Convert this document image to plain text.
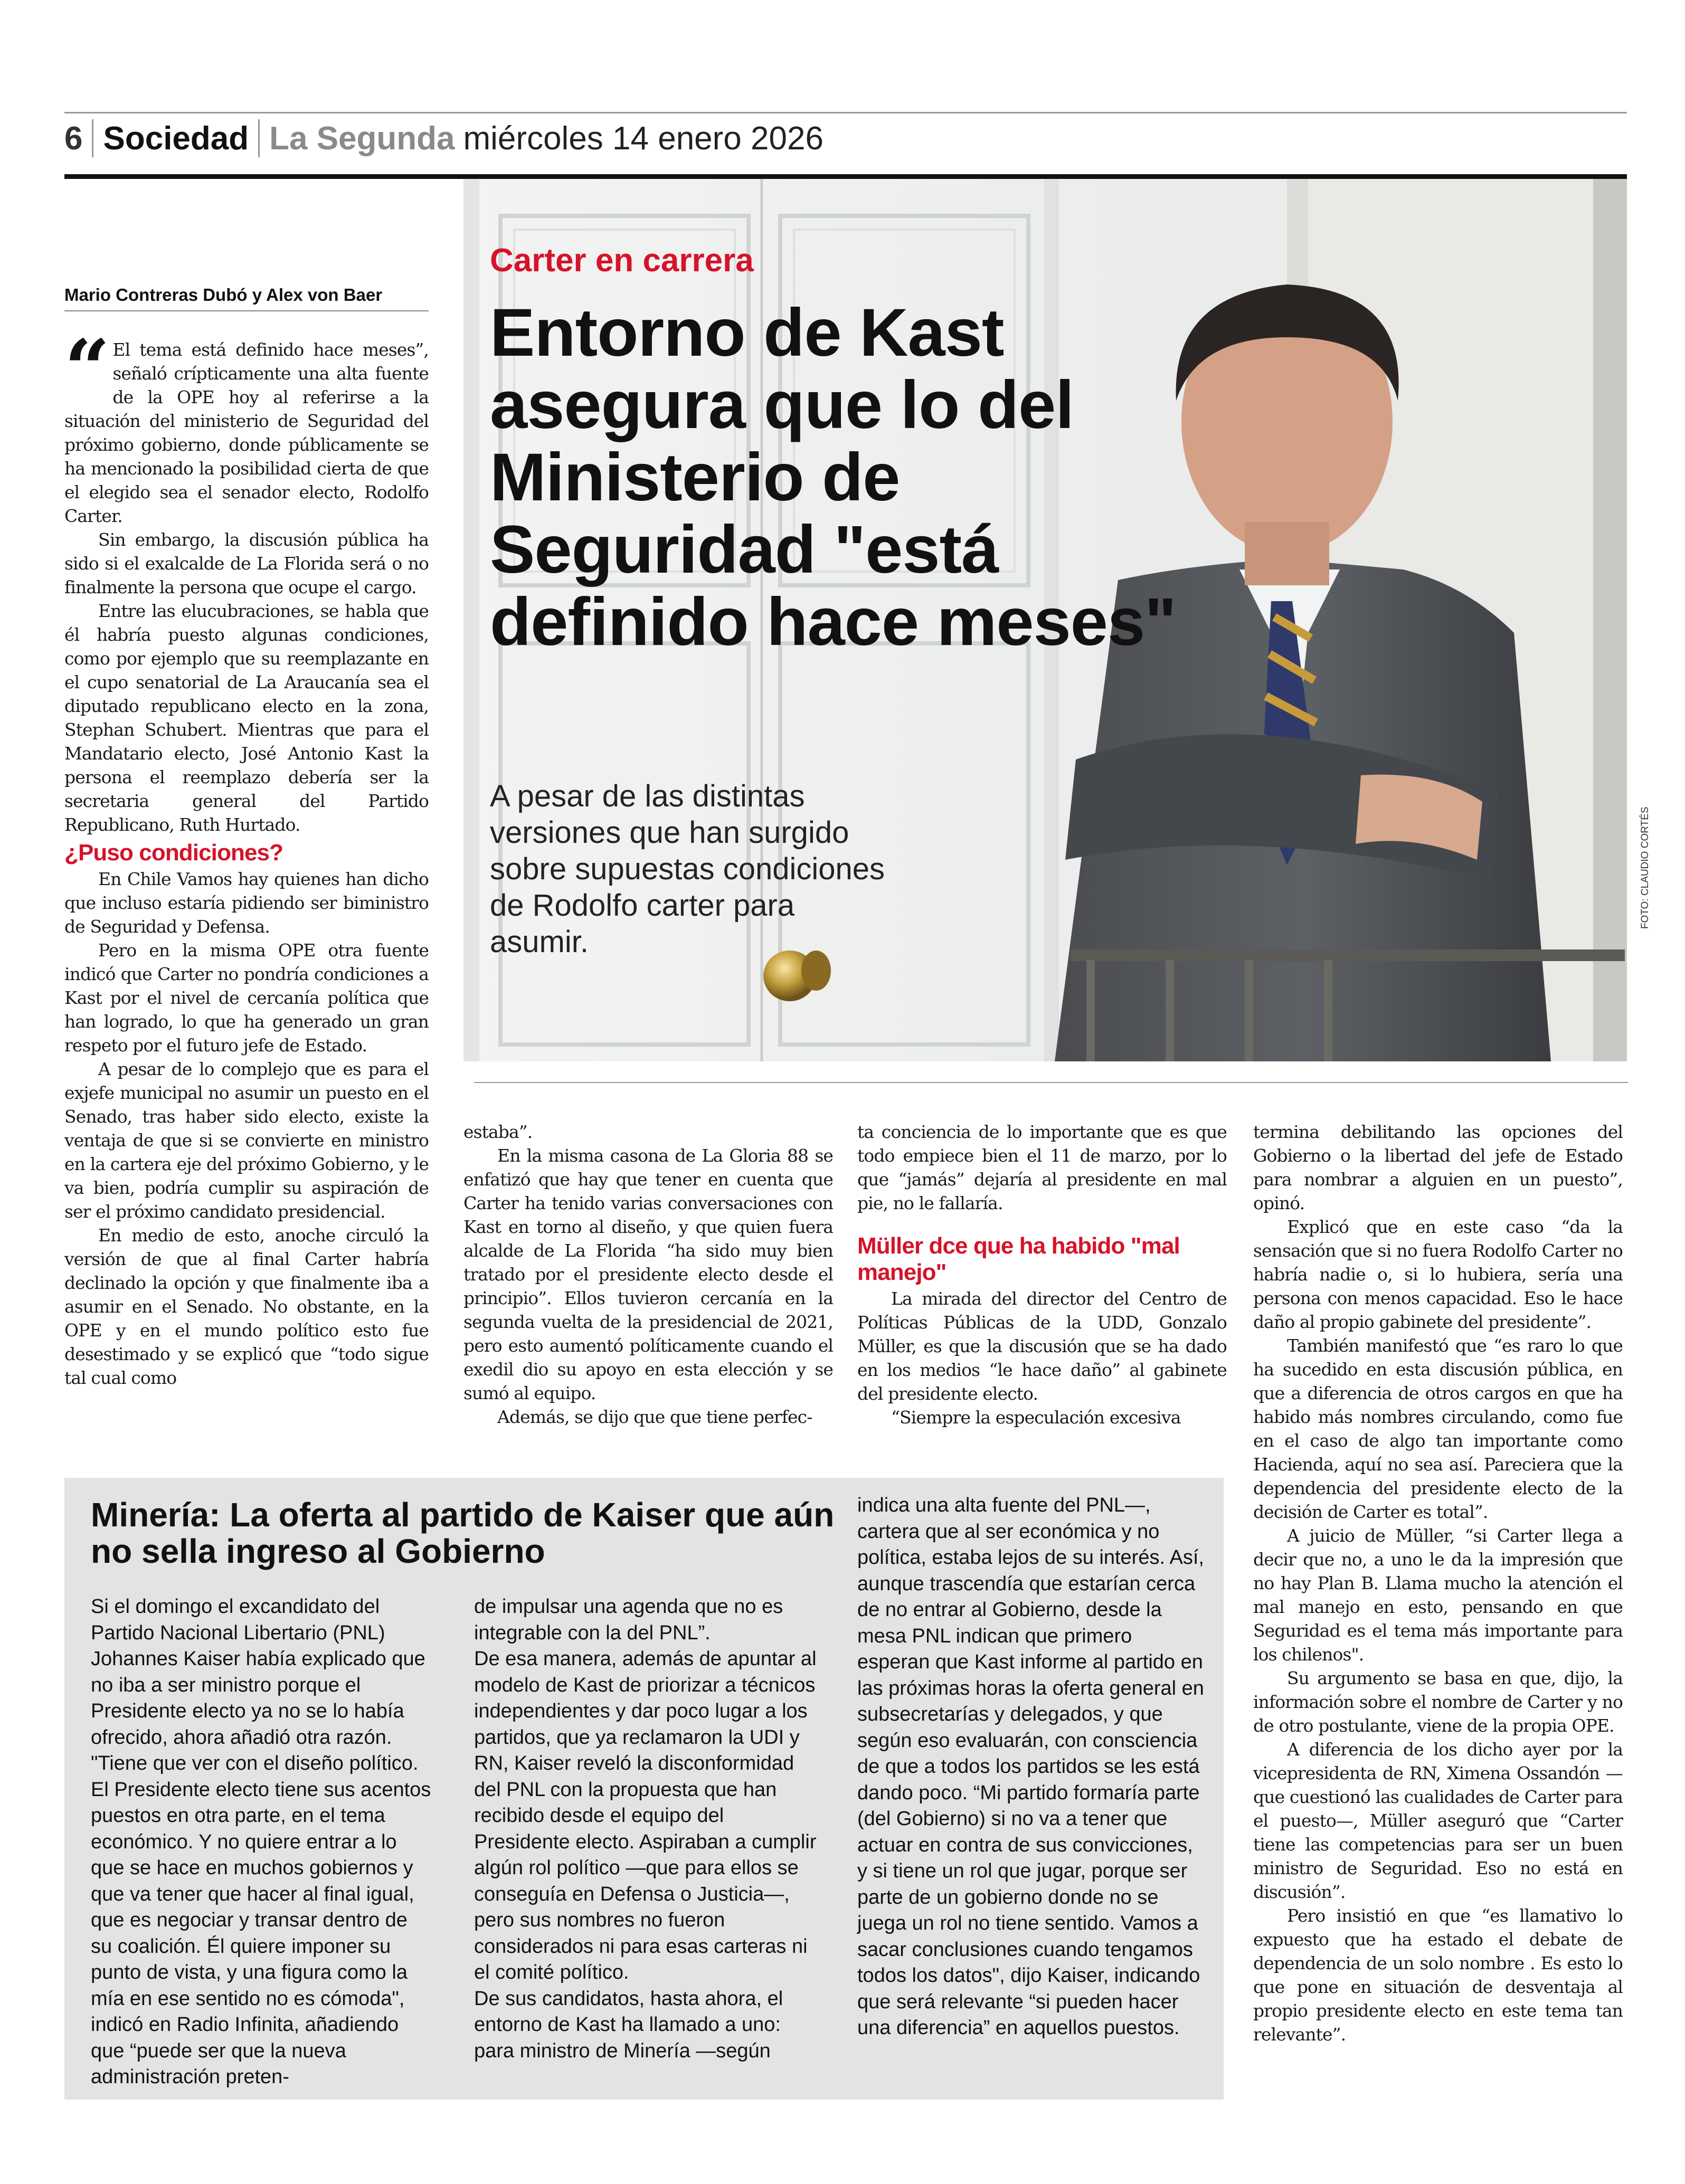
6 Sociedad La Segunda miércoles 14 enero 2026
FOTO: CLAUDIO CORTÉS
Carter en carrera
Entorno de Kast asegura que lo del Ministerio de Seguridad "está definido hace meses"
A pesar de las distintas versiones que han surgido sobre supuestas condiciones de Rodolfo carter para asumir.
Mario Contreras Dubó y Alex von Baer
“ El tema está definido hace meses”, señaló crípticamente una alta fuente de la OPE hoy al referirse a la situación del ministerio de Seguridad del próximo gobierno, donde públicamente se ha mencionado la posibilidad cierta de que el elegido sea el senador electo, Rodolfo Carter.

Sin embargo, la discusión pública ha sido si el exalcalde de La Florida será o no finalmente la persona que ocupe el cargo.

Entre las elucubraciones, se habla que él habría puesto algunas condiciones, como por ejemplo que su reemplazante en el cupo senatorial de La Araucanía sea el diputado republicano electo en la zona, Stephan Schubert. Mientras que para el Mandatario electo, José Antonio Kast la persona el reemplazo debería ser la secretaria general del Partido Republicano, Ruth Hurtado.

¿Puso condiciones?

En Chile Vamos hay quienes han dicho que incluso estaría pidiendo ser biministro de Seguridad y Defensa.

Pero en la misma OPE otra fuente indicó que Carter no pondría condiciones a Kast por el nivel de cercanía política que han logrado, lo que ha generado un gran respeto por el futuro jefe de Estado.

A pesar de lo complejo que es para el exjefe municipal no asumir un puesto en el Senado, tras haber sido electo, existe la ventaja de que si se convierte en ministro en la cartera eje del próximo Gobierno, y le va bien, podría cumplir su aspiración de ser el próximo candidato presidencial.

En medio de esto, anoche circuló la versión de que al final Carter habría declinado la opción y que finalmente iba a asumir en el Senado. No obstante, en la OPE y en el mundo político esto fue desestimado y se explicó que “todo sigue tal cual como

estaba”.

En la misma casona de La Gloria 88 se enfatizó que hay que tener en cuenta que Carter ha tenido varias conversaciones con Kast en torno al diseño, y que quien fuera alcalde de La Florida “ha sido muy bien tratado por el presidente electo desde el principio”. Ellos tuvieron cercanía en la segunda vuelta de la presidencial de 2021, pero esto aumentó políticamente cuando el exedil dio su apoyo en esta elección y se sumó al equipo.

Además, se dijo que que tiene perfec-

ta conciencia de lo importante que es que todo empiece bien el 11 de marzo, por lo que “jamás” dejaría al presidente en mal pie, no le fallaría.

Müller dce que ha habido "mal manejo"

La mirada del director del Centro de Políticas Públicas de la UDD, Gonzalo Müller, es que la discusión que se ha dado en los medios “le hace daño” al gabinete del presidente electo.

“Siempre la especulación excesiva

termina debilitando las opciones del Gobierno o la libertad del jefe de Estado para nombrar a alguien en un puesto”, opinó.

Explicó que en este caso “da la sensación que si no fuera Rodolfo Carter no habría nadie o, si lo hubiera, sería una persona con menos capacidad. Eso le hace daño al propio gabinete del presidente”.

También manifestó que “es raro lo que ha sucedido en esta discusión pública, en que a diferencia de otros cargos en que ha habido más nombres circulando, como fue en el caso de algo tan importante como Hacienda, aquí no sea así. Pareciera que la dependencia del presidente electo de la decisión de Carter es total”.

A juicio de Müller, “si Carter llega a decir que no, a uno le da la impresión que no hay Plan B. Llama mucho la atención el mal manejo en esto, pensando en que Seguridad es el tema más importante para los chilenos".

Su argumento se basa en que, dijo, la información sobre el nombre de Carter y no de otro postulante, viene de la propia OPE.

A diferencia de los dicho ayer por la vicepresidenta de RN, Ximena Ossandón —que cuestionó las cualidades de Carter para el puesto—, Müller aseguró que “Carter tiene las competencias para ser un buen ministro de Seguridad. Eso no está en discusión”.

Pero insistió en que “es llamativo lo expuesto que ha estado el debate de dependencia de un solo nombre . Es esto lo que pone en situación de desventaja al propio presidente electo en este tema tan relevante”.

Minería: La oferta al partido de Kaiser que aún no sella ingreso al Gobierno

Si el domingo el excandidato del Partido Nacional Libertario (PNL) Johannes Kaiser había explicado que no iba a ser ministro porque el Presidente electo ya no se lo había ofrecido, ahora añadió otra razón. "Tiene que ver con el diseño político. El Presidente electo tiene sus acentos puestos en otra parte, en el tema económico. Y no quiere entrar a lo que se hace en muchos gobiernos y que va tener que hacer al final igual, que es negociar y transar dentro de su coalición. Él quiere imponer su punto de vista, y una figura como la mía en ese sentido no es cómoda", indicó en Radio Infinita, añadiendo que “puede ser que la nueva administración preten-

de impulsar una agenda que no es integrable con la del PNL”.

De esa manera, además de apuntar al modelo de Kast de priorizar a técnicos independientes y dar poco lugar a los partidos, que ya reclamaron la UDI y RN, Kaiser reveló la disconformidad del PNL con la propuesta que han recibido desde el equipo del Presidente electo. Aspiraban a cumplir algún rol político —que para ellos se conseguía en Defensa o Justicia—, pero sus nombres no fueron considerados ni para esas carteras ni el comité político.

De sus candidatos, hasta ahora, el entorno de Kast ha llamado a uno: para ministro de Minería —según

indica una alta fuente del PNL—, cartera que al ser económica y no política, estaba lejos de su interés. Así, aunque trascendía que estarían cerca de no entrar al Gobierno, desde la mesa PNL indican que primero esperan que Kast informe al partido en las próximas horas la oferta general en subsecretarías y delegados, y que según eso evaluarán, con consciencia de que a todos los partidos se les está dando poco. “Mi partido formaría parte (del Gobierno) si no va a tener que actuar en contra de sus convicciones, y si tiene un rol que jugar, porque ser parte de un gobierno donde no se juega un rol no tiene sentido. Vamos a sacar conclusiones cuando tengamos todos los datos", dijo Kaiser, indicando que será relevante “si pueden hacer una diferencia” en aquellos puestos.
